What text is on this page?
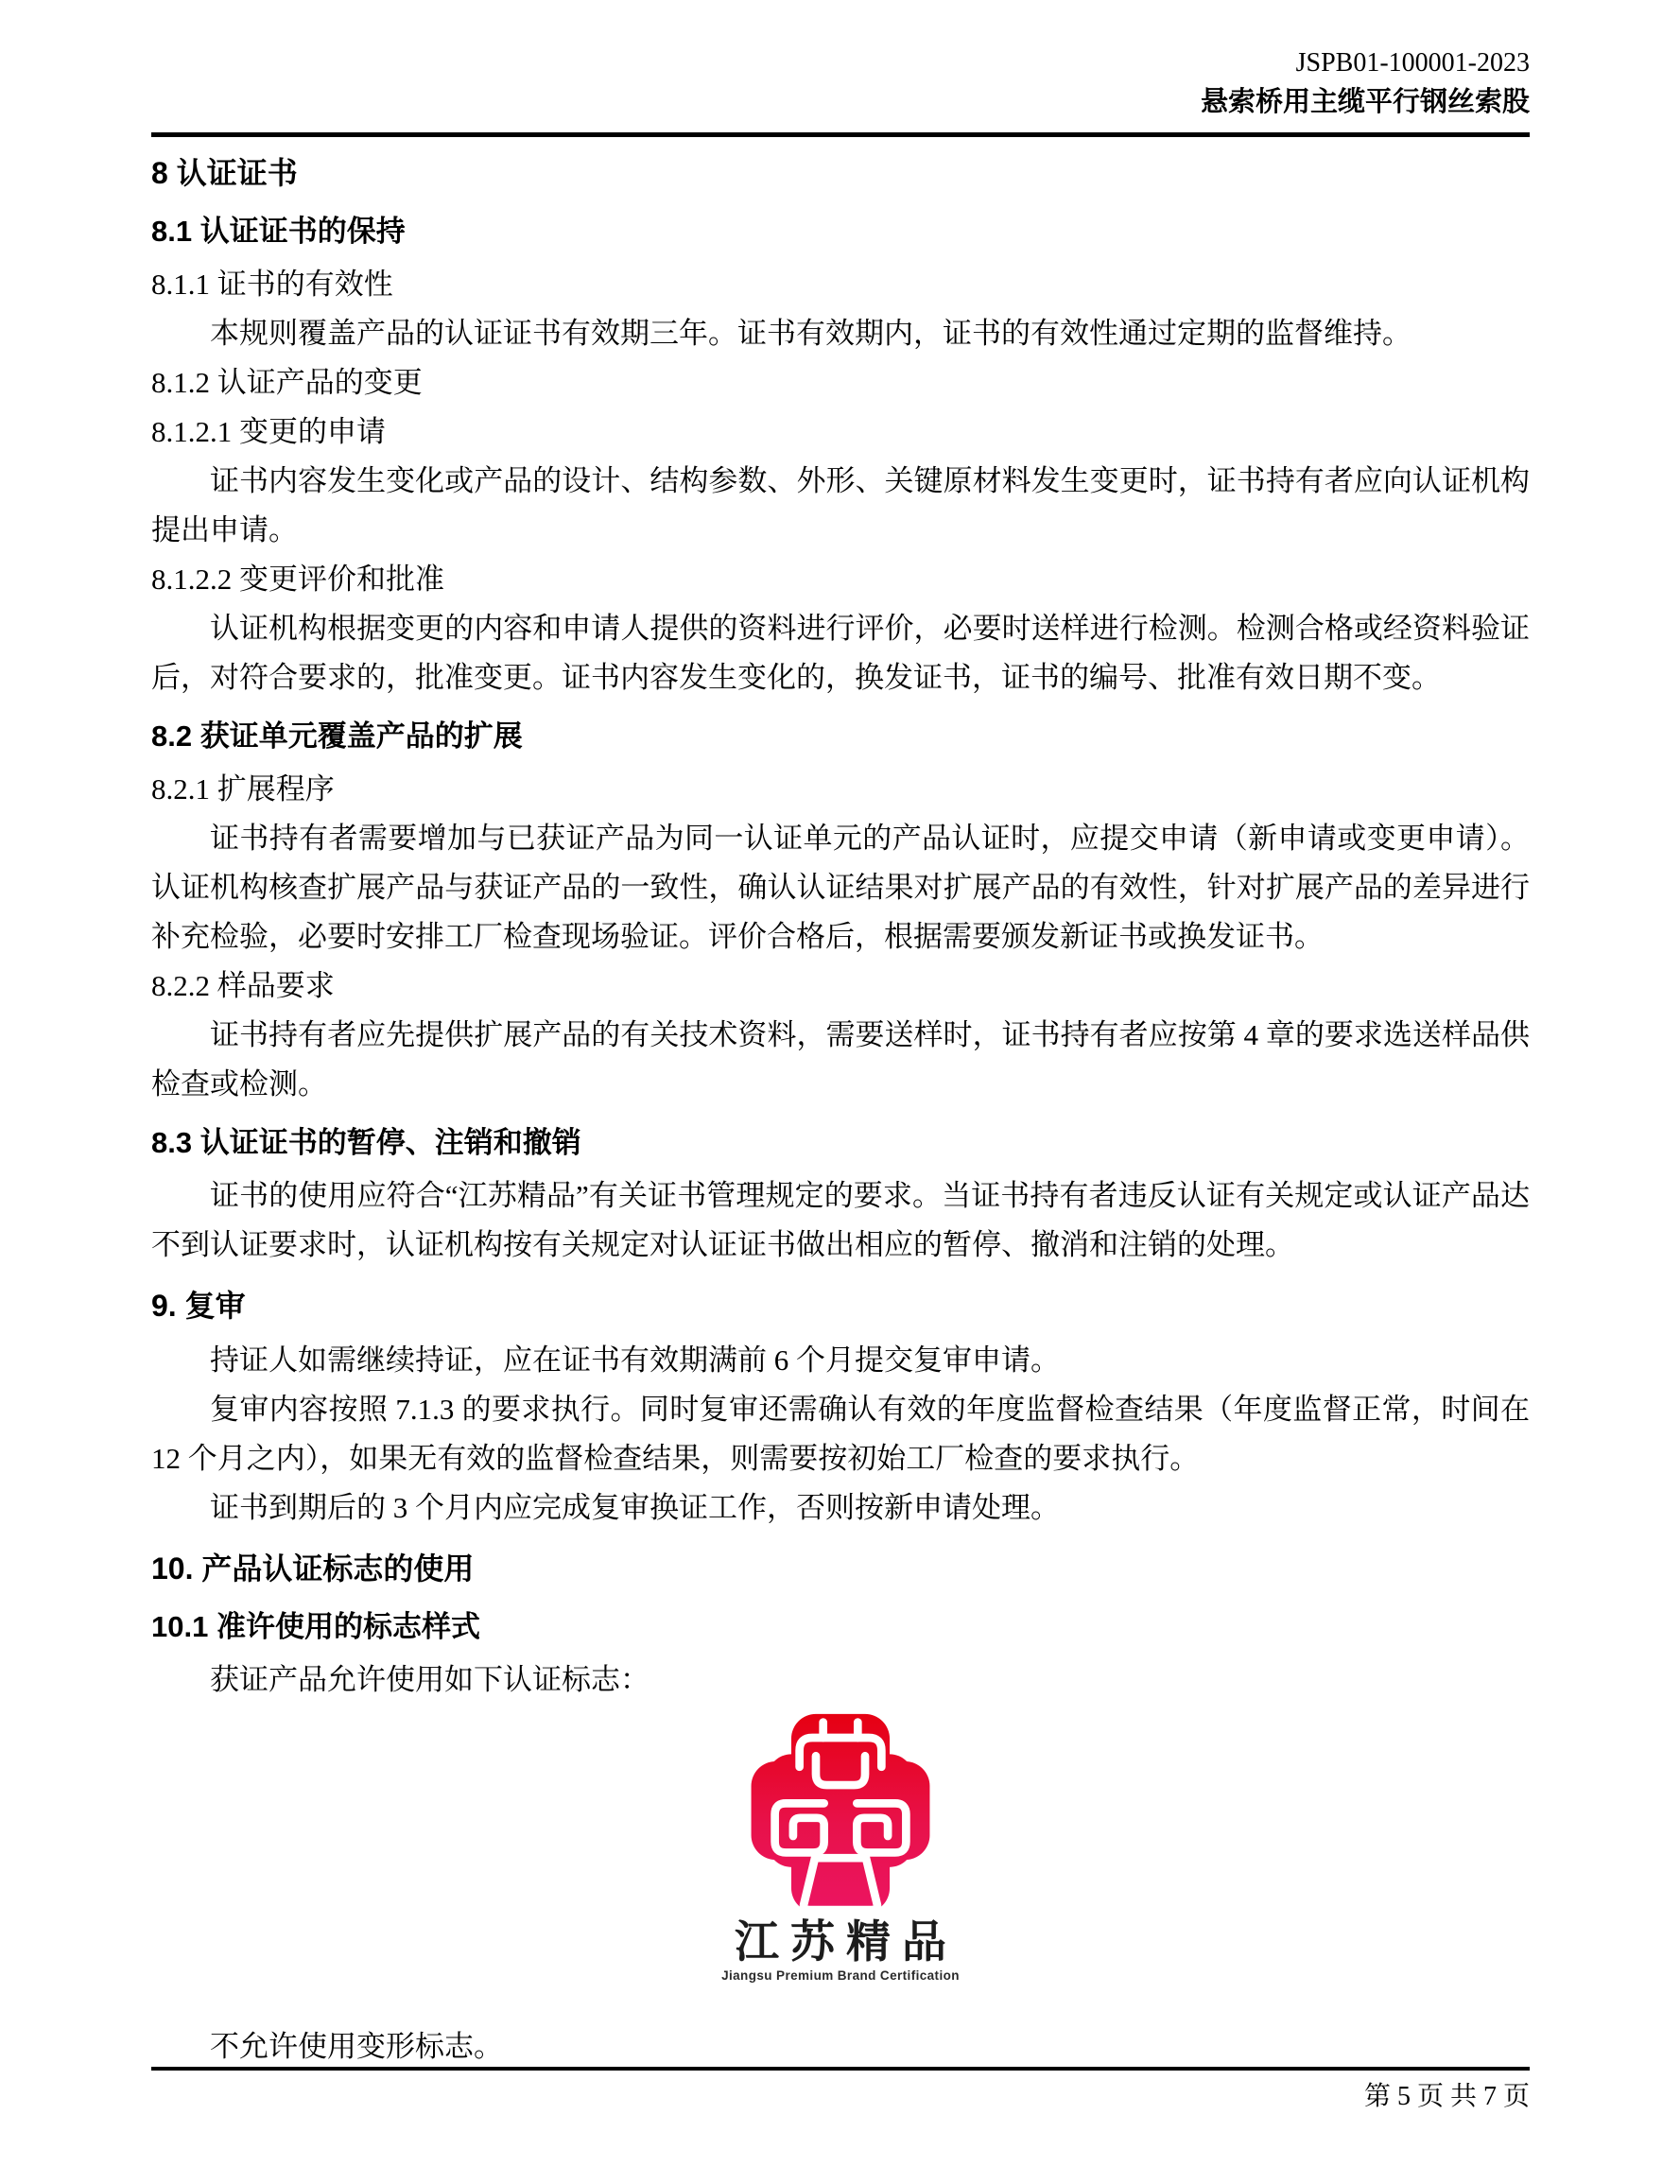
JSPB01-100001-2023
悬索桥用主缆平行钢丝索股
8 认证证书
8.1 认证证书的保持
8.1.1 证书的有效性

本规则覆盖产品的认证证书有效期三年。证书有效期内，证书的有效性通过定期的监督维持。

8.1.2 认证产品的变更
8.1.2.1 变更的申请

证书内容发生变化或产品的设计、结构参数、外形、关键原材料发生变更时，证书持有者应向认证机构提出申请。

8.1.2.2 变更评价和批准

认证机构根据变更的内容和申请人提供的资料进行评价，必要时送样进行检测。检测合格或经资料验证后，对符合要求的，批准变更。证书内容发生变化的，换发证书，证书的编号、批准有效日期不变。

8.2 获证单元覆盖产品的扩展
8.2.1 扩展程序

证书持有者需要增加与已获证产品为同一认证单元的产品认证时，应提交申请（新申请或变更申请）。认证机构核查扩展产品与获证产品的一致性，确认认证结果对扩展产品的有效性，针对扩展产品的差异进行补充检验，必要时安排工厂检查现场验证。评价合格后，根据需要颁发新证书或换发证书。

8.2.2 样品要求

证书持有者应先提供扩展产品的有关技术资料，需要送样时，证书持有者应按第 4 章的要求选送样品供检查或检测。

8.3 认证证书的暂停、注销和撤销

证书的使用应符合“江苏精品”有关证书管理规定的要求。当证书持有者违反认证有关规定或认证产品达不到认证要求时，认证机构按有关规定对认证证书做出相应的暂停、撤消和注销的处理。

9. 复审

持证人如需继续持证，应在证书有效期满前 6 个月提交复审申请。

复审内容按照 7.1.3 的要求执行。同时复审还需确认有效的年度监督检查结果（年度监督正常，时间在 12 个月之内），如果无有效的监督检查结果，则需要按初始工厂检查的要求执行。

证书到期后的 3 个月内应完成复审换证工作，否则按新申请处理。

10. 产品认证标志的使用
10.1 准许使用的标志样式

获证产品允许使用如下认证标志：

江苏精品
Jiangsu Premium Brand Certification

不允许使用变形标志。

第 5 页 共 7 页
